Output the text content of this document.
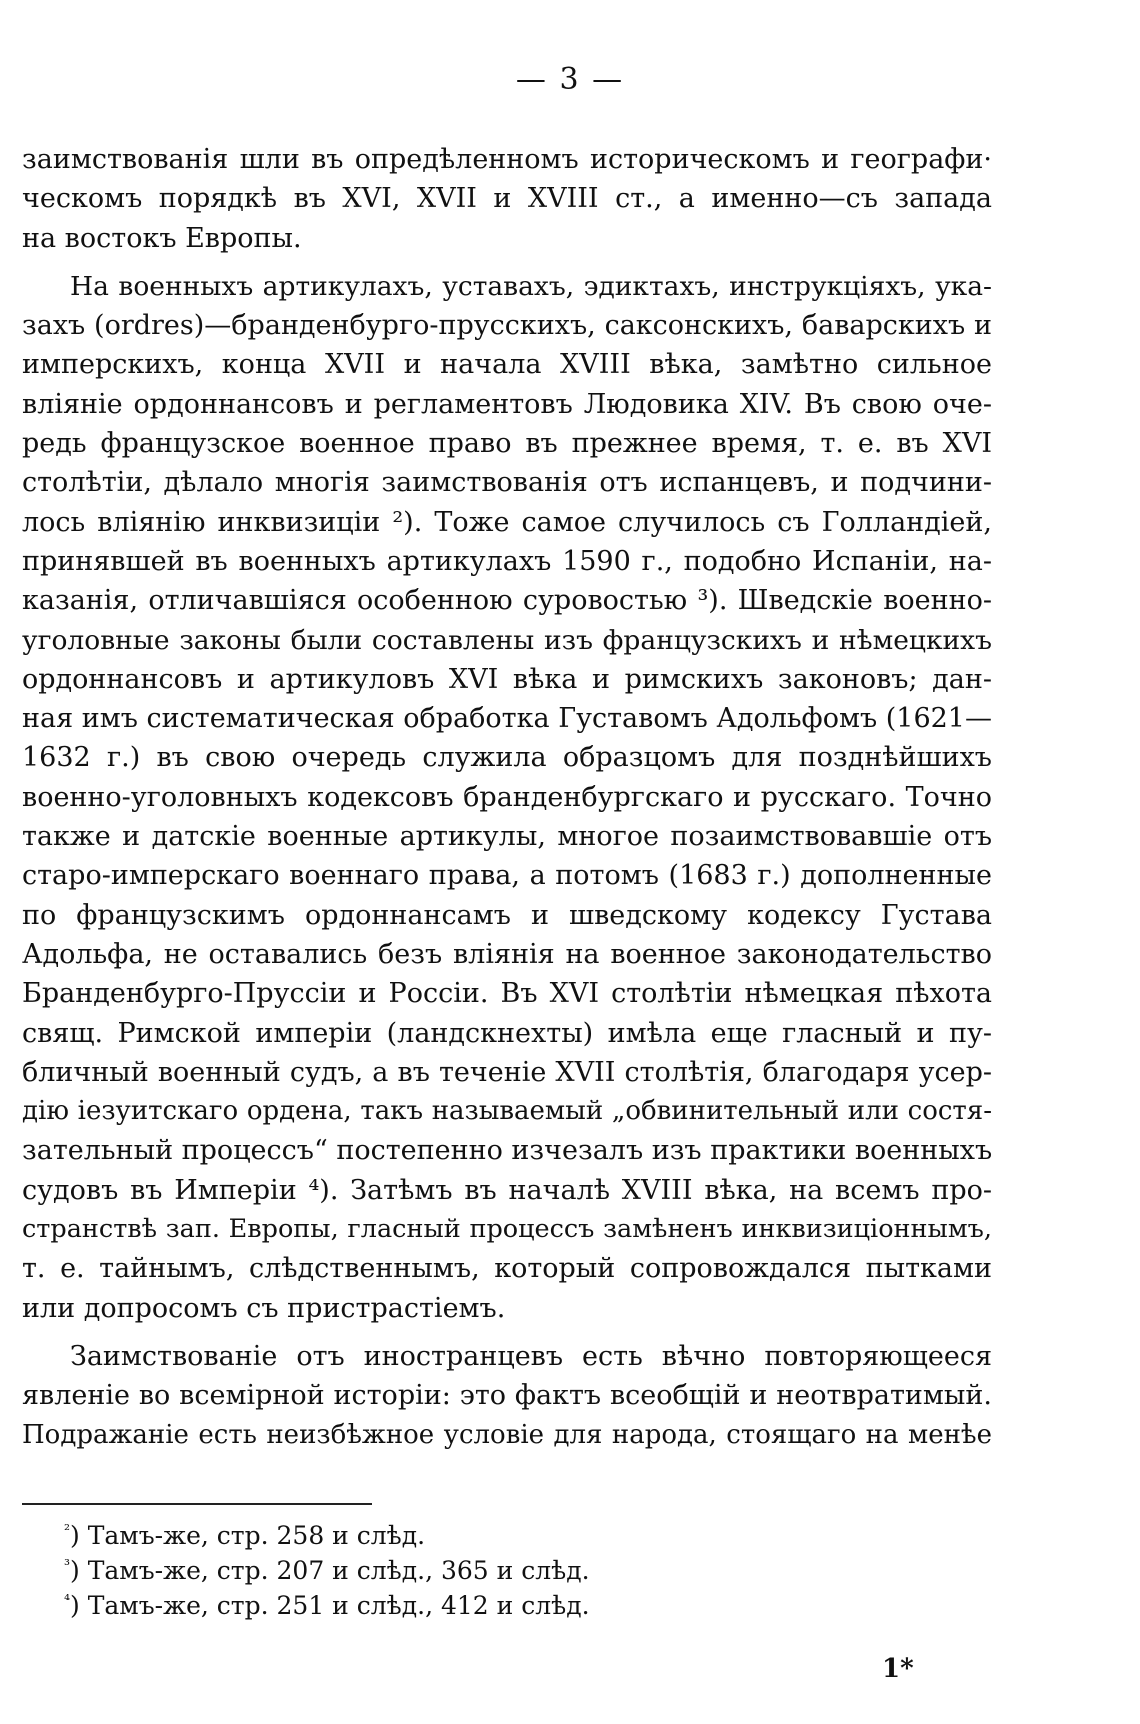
— 3 —
заимствованія шли въ опредѣленномъ историческомъ и географи·
ческомъ порядкѣ въ XVI, XVII и XVIII ст., а именно—съ запада
на востокъ Европы.
На военныхъ артикулахъ, уставахъ, эдиктахъ, инструкціяхъ, ука-
захъ (ordres)—бранденбурго-прусскихъ, саксонскихъ, баварскихъ и
имперскихъ, конца XVII и начала XVIII вѣка, замѣтно сильное
вліяніе ордоннансовъ и регламентовъ Людовика XIV. Въ свою оче-
редь французское военное право въ прежнее время, т. е. въ XVI
столѣтіи, дѣлало многія заимствованія отъ испанцевъ, и подчини-
лось вліянію инквизиціи ²). Тоже самое случилось съ Голландіей,
принявшей въ военныхъ артикулахъ 1590 г., подобно Испаніи, на-
казанія, отличавшіяся особенною суровостью ³). Шведскіе военно-
уголовные законы были составлены изъ французскихъ и нѣмецкихъ
ордоннансовъ и артикуловъ XVI вѣка и римскихъ законовъ; дан-
ная имъ систематическая обработка Густавомъ Адольфомъ (1621—
1632 г.) въ свою очередь служила образцомъ для позднѣйшихъ
военно-уголовныхъ кодексовъ бранденбургскаго и русскаго. Точно
также и датскіе военные артикулы, многое позаимствовавшіе отъ
старо-имперскаго военнаго права, а потомъ (1683 г.) дополненные
по французскимъ ордоннансамъ и шведскому кодексу Густава
Адольфа, не оставались безъ вліянія на военное законодательство
Бранденбурго-Пруссіи и Россіи. Въ XVI столѣтіи нѣмецкая пѣхота
свящ. Римской имперіи (ландскнехты) имѣла еще гласный и пу-
бличный военный судъ, а въ теченіе XVII столѣтія, благодаря усер-
дію іезуитскаго ордена, такъ называемый „обвинительный или состя-
зательный процессъ“ постепенно изчезалъ изъ практики военныхъ
судовъ въ Имперіи ⁴). Затѣмъ въ началѣ XVIII вѣка, на всемъ про-
странствѣ зап. Европы, гласный процессъ замѣненъ инквизиціоннымъ,
т. е. тайнымъ, слѣдственнымъ, который сопровождался пытками
или допросомъ съ пристрастіемъ.
Заимствованіе отъ иностранцевъ есть вѣчно повторяющееся
явленіе во всемірной исторіи: это фактъ всеобщій и неотвратимый.
Подражаніе есть неизбѣжное условіе для народа, стоящаго на менѣе
$^{^2}$) Тамъ-же, стр. 258 и слѣд.
$^{^3}$) Тамъ-же, стр. 207 и слѣд., 365 и слѣд.
$^{^4}$) Тамъ-же, стр. 251 и слѣд., 412 и слѣд.
1*
